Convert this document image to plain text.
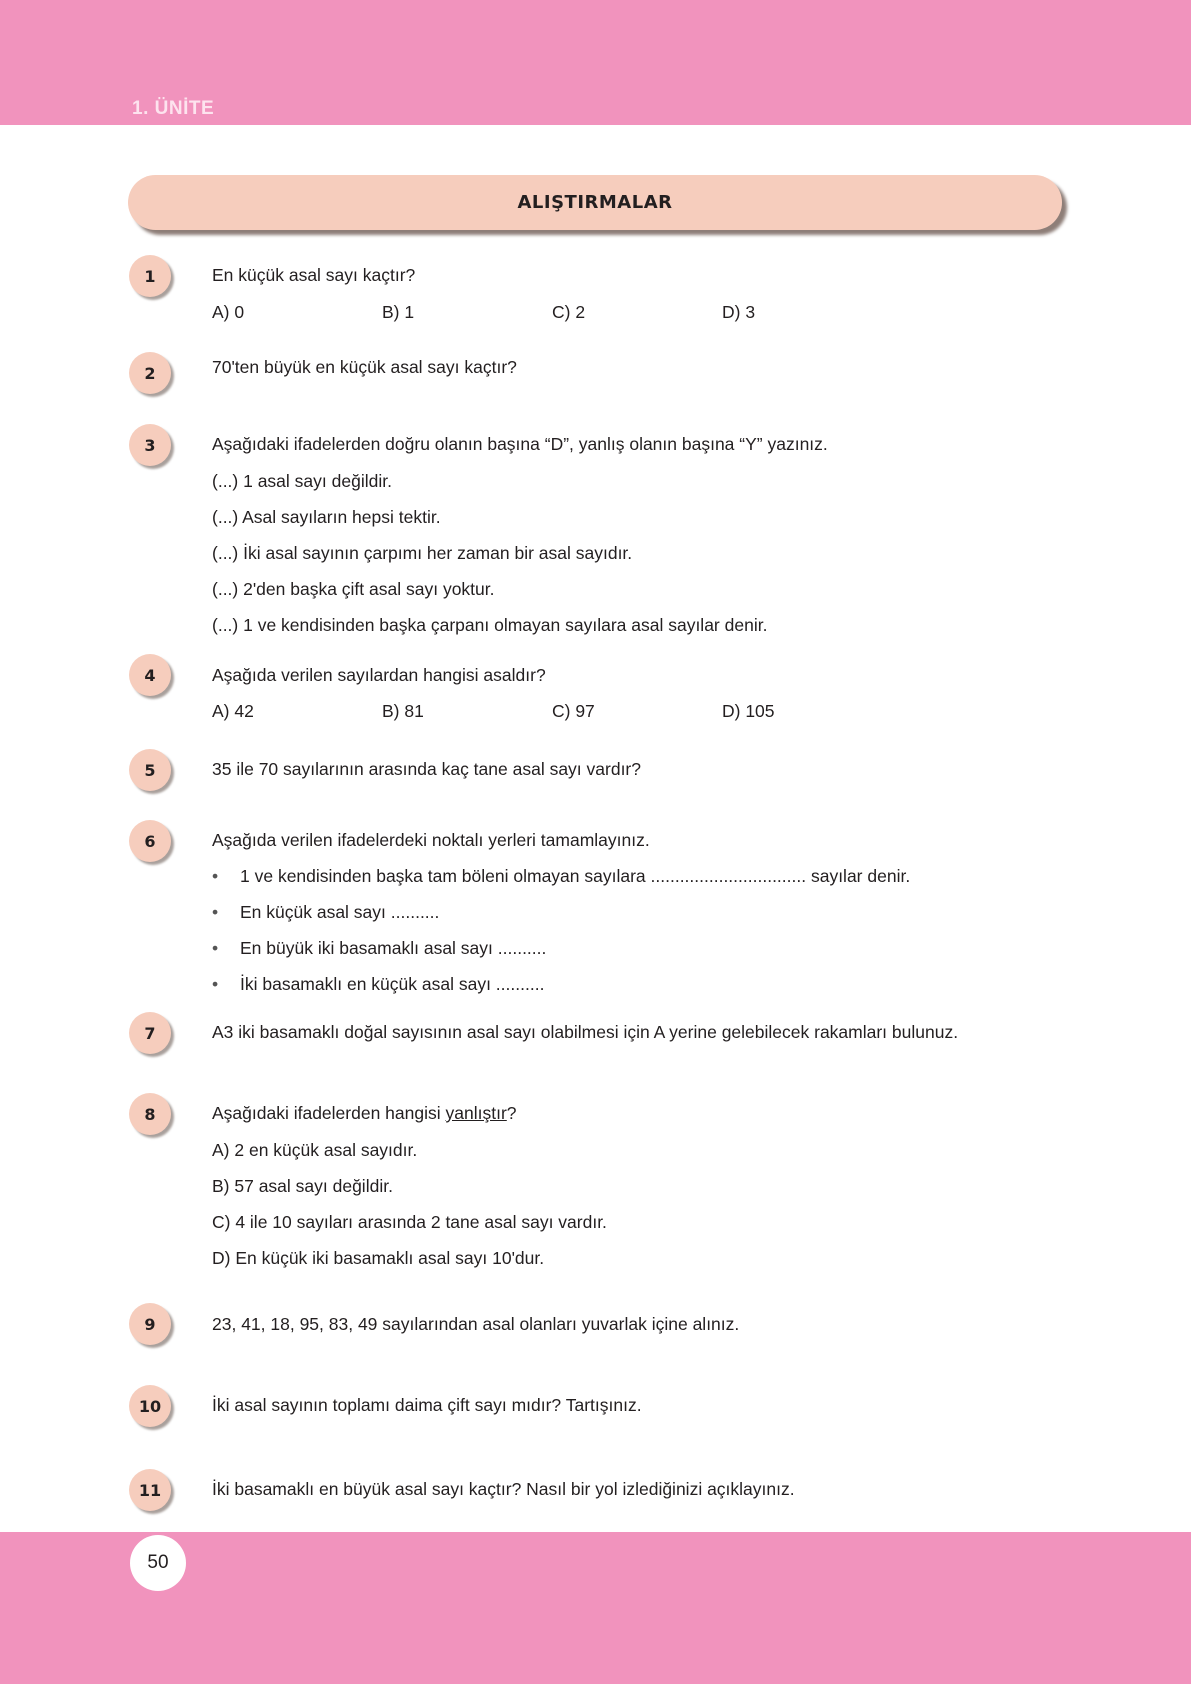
1. ÜNİTE
ALIŞTIRMALAR
1	En küçük asal sayı kaçtır?
A) 0	B) 1	C) 2	D) 3
2	70'ten büyük en küçük asal sayı kaçtır?
3	Aşağıdaki ifadelerden doğru olanın başına “D”, yanlış olanın başına “Y” yazınız.
(...) 1 asal sayı değildir.
(...) Asal sayıların hepsi tektir.
(...) İki asal sayının çarpımı her zaman bir asal sayıdır.
(...) 2'den başka çift asal sayı yoktur.
(...) 1 ve kendisinden başka çarpanı olmayan sayılara asal sayılar denir.
4	Aşağıda verilen sayılardan hangisi asaldır?
A) 42	B) 81	C) 97	D) 105
5	35 ile 70 sayılarının arasında kaç tane asal sayı vardır?
6	Aşağıda verilen ifadelerdeki noktalı yerleri tamamlayınız.
• 1 ve kendisinden başka tam böleni olmayan sayılara ................................ sayılar denir.
• En küçük asal sayı ..........
• En büyük iki basamaklı asal sayı ..........
• İki basamaklı en küçük asal sayı ..........
7	A3 iki basamaklı doğal sayısının asal sayı olabilmesi için A yerine gelebilecek rakamları bulunuz.
8	Aşağıdaki ifadelerden hangisi yanlıştır?
A) 2 en küçük asal sayıdır.
B) 57 asal sayı değildir.
C) 4 ile 10 sayıları arasında 2 tane asal sayı vardır.
D) En küçük iki basamaklı asal sayı 10'dur.
9	23, 41, 18, 95, 83, 49 sayılarından asal olanları yuvarlak içine alınız.
10	İki asal sayının toplamı daima çift sayı mıdır? Tartışınız.
11	İki basamaklı en büyük asal sayı kaçtır? Nasıl bir yol izlediğinizi açıklayınız.
50
